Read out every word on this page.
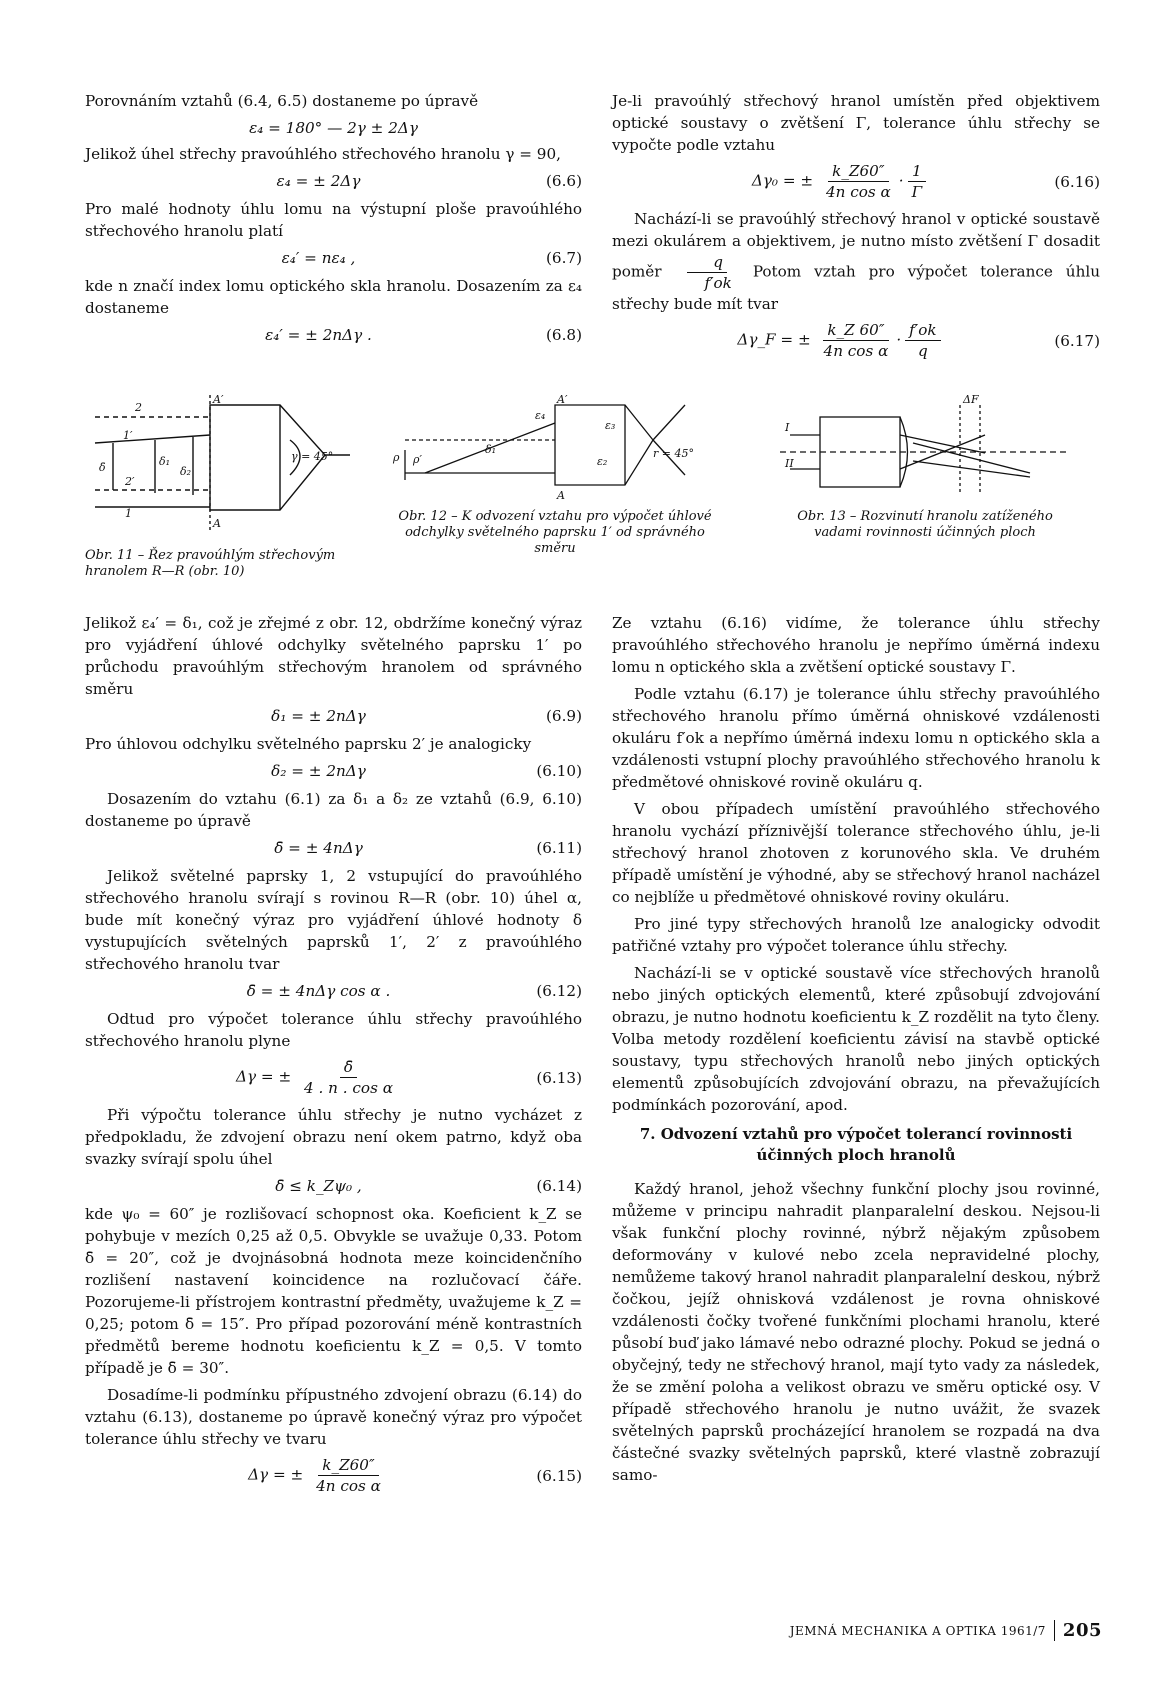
Porovnáním vztahů (6.4, 6.5) dostaneme po úpravě

ε₄ = 180° — 2γ ± 2Δγ

Jelikož úhel střechy pravoúhlého střechového hranolu γ = 90,

ε₄ = ± 2Δγ	(6.6)

Pro malé hodnoty úhlu lomu na výstupní ploše pravoúhlého střechového hranolu platí

ε₄′ = nε₄ ,	(6.7)

kde n značí index lomu optického skla hranolu. Dosazením za ε₄ dostaneme

ε₄′ = ± 2nΔγ .	(6.8)

Je-li pravoúhlý střechový hranol umístěn před objektivem optické soustavy o zvětšení Γ, tolerance úhlu střechy se vypočte podle vztahu

Δγ₀ = ± $\frac{k\_Z60''}{\text{4n cos α}} \cdot \frac{1}{\Gamma}$	(6.16)

Nachází-li se pravoúhlý střechový hranol v optické soustavě mezi okulárem a objektivem, je nutno místo zvětšení Γ dosadit poměr $\frac{q}{f'ok}$ Potom vztah pro výpočet tolerance úhlu střechy bude mít tvar

Δγ_F = ± $\frac{k\_Z 60''}{\text{4n cos α}} \cdot \frac{f'ok}{q}$	(6.17)
2
1′
2′
1
A′
A
δ̄	δ₁
δ₂
γ = 45°
Obr. 11 – Řez pravoúhlým střechovým hranolem R—R (obr. 10)
ρ ρ′
δ₁
ε₄
ε₃
ε₂
r = 45°
A
A′
Obr. 12 – K odvození vztahu pro výpočet úhlové odchylky světelného paprsku 1′ od správného směru
I
II
ΔF
Obr. 13 – Rozvinutí hranolu zatíženého vadami rovinnosti účinných ploch

Jelikož ε₄′ = δ₁, což je zřejmé z obr. 12, obdržíme konečný výraz pro vyjádření úhlové odchylky světelného paprsku 1′ po průchodu pravoúhlým střechovým hranolem od správného směru

δ₁ = ± 2nΔγ	(6.9)

Pro úhlovou odchylku světelného paprsku 2′ je analogicky

δ₂ = ± 2nΔγ	(6.10)

Dosazením do vztahu (6.1) za δ₁ a δ₂ ze vztahů (6.9, 6.10) dostaneme po úpravě

δ̄ = ± 4nΔγ	(6.11)

Jelikož světelné paprsky 1, 2 vstupující do pravoúhlého střechového hranolu svírají s rovinou R—R (obr. 10) úhel α, bude mít konečný výraz pro vyjádření úhlové hodnoty δ vystupujících světelných paprsků 1′, 2′ z pravoúhlého střechového hranolu tvar

δ̄ = ± 4nΔγ cos α .	(6.12)

Odtud pro výpočet tolerance úhlu střechy pravoúhlého střechového hranolu plyne

Δγ = ± $\frac{\deltā}{\text{4 . n . cos α}}$	(6.13)

Při výpočtu tolerance úhlu střechy je nutno vycházet z předpokladu, že zdvojení obrazu není okem patrno, když oba svazky svírají spolu úhel

δ̄ ≤ k_Zψ₀ ,	(6.14)

kde ψ₀ = 60″ je rozlišovací schopnost oka. Koeficient k_Z se pohybuje v mezích 0,25 až 0,5. Obvykle se uvažuje 0,33. Potom δ̄ = 20″, což je dvojnásobná hodnota meze koincidenčního rozlišení nastavení koincidence na rozlučovací čáře. Pozorujeme-li přístrojem kontrastní předměty, uvažujeme k_Z = 0,25; potom δ̄ = 15″. Pro případ pozorování méně kontrastních předmětů bereme hodnotu koeficientu k_Z = 0,5. V tomto případě je δ̄ = 30″.

Dosadíme-li podmínku přípustného zdvojení obrazu (6.14) do vztahu (6.13), dostaneme po úpravě konečný výraz pro výpočet tolerance úhlu střechy ve tvaru

Δγ = ± $\frac{k\_Z60''}{\text{4n cos α}}$	(6.15)

Ze vztahu (6.16) vidíme, že tolerance úhlu střechy pravoúhlého střechového hranolu je nepřímo úměrná indexu lomu n optického skla a zvětšení optické soustavy Γ.

Podle vztahu (6.17) je tolerance úhlu střechy pravoúhlého střechového hranolu přímo úměrná ohniskové vzdálenosti okuláru f′ok a nepřímo úměrná indexu lomu n optického skla a vzdálenosti vstupní plochy pravoúhlého střechového hranolu k předmětové ohniskové rovině okuláru q.

V obou případech umístění pravoúhlého střechového hranolu vychází příznivější tolerance střechového úhlu, je-li střechový hranol zhotoven z korunového skla. Ve druhém případě umístění je výhodné, aby se střechový hranol nacházel co nejblíže u předmětové ohniskové roviny okuláru.

Pro jiné typy střechových hranolů lze analogicky odvodit patřičné vztahy pro výpočet tolerance úhlu střechy.

Nachází-li se v optické soustavě více střechových hranolů nebo jiných optických elementů, které způsobují zdvojování obrazu, je nutno hodnotu koeficientu k_Z rozdělit na tyto členy. Volba metody rozdělení koeficientu závisí na stavbě optické soustavy, typu střechových hranolů nebo jiných optických elementů způsobujících zdvojování obrazu, na převažujících podmínkách pozorování, apod.

7. Odvození vztahů pro výpočet tolerancí rovinnosti účinných ploch hranolů

Každý hranol, jehož všechny funkční plochy jsou rovinné, můžeme v principu nahradit planparalelní deskou. Nejsou-li však funkční plochy rovinné, nýbrž nějakým způsobem deformovány v kulové nebo zcela nepravidelné plochy, nemůžeme takový hranol nahradit planparalelní deskou, nýbrž čočkou, jejíž ohnisková vzdálenost je rovna ohniskové vzdálenosti čočky tvořené funkčními plochami hranolu, které působí buď jako lámavé nebo odrazné plochy. Pokud se jedná o obyčejný, tedy ne střechový hranol, mají tyto vady za následek, že se změní poloha a velikost obrazu ve směru optické osy. V případě střechového hranolu je nutno uvážit, že svazek světelných paprsků procházející hranolem se rozpadá na dva částečné svazky světelných paprsků, které vlastně zobrazují samo-

JEMNÁ MECHANIKA A OPTIKA 1961/7 205
